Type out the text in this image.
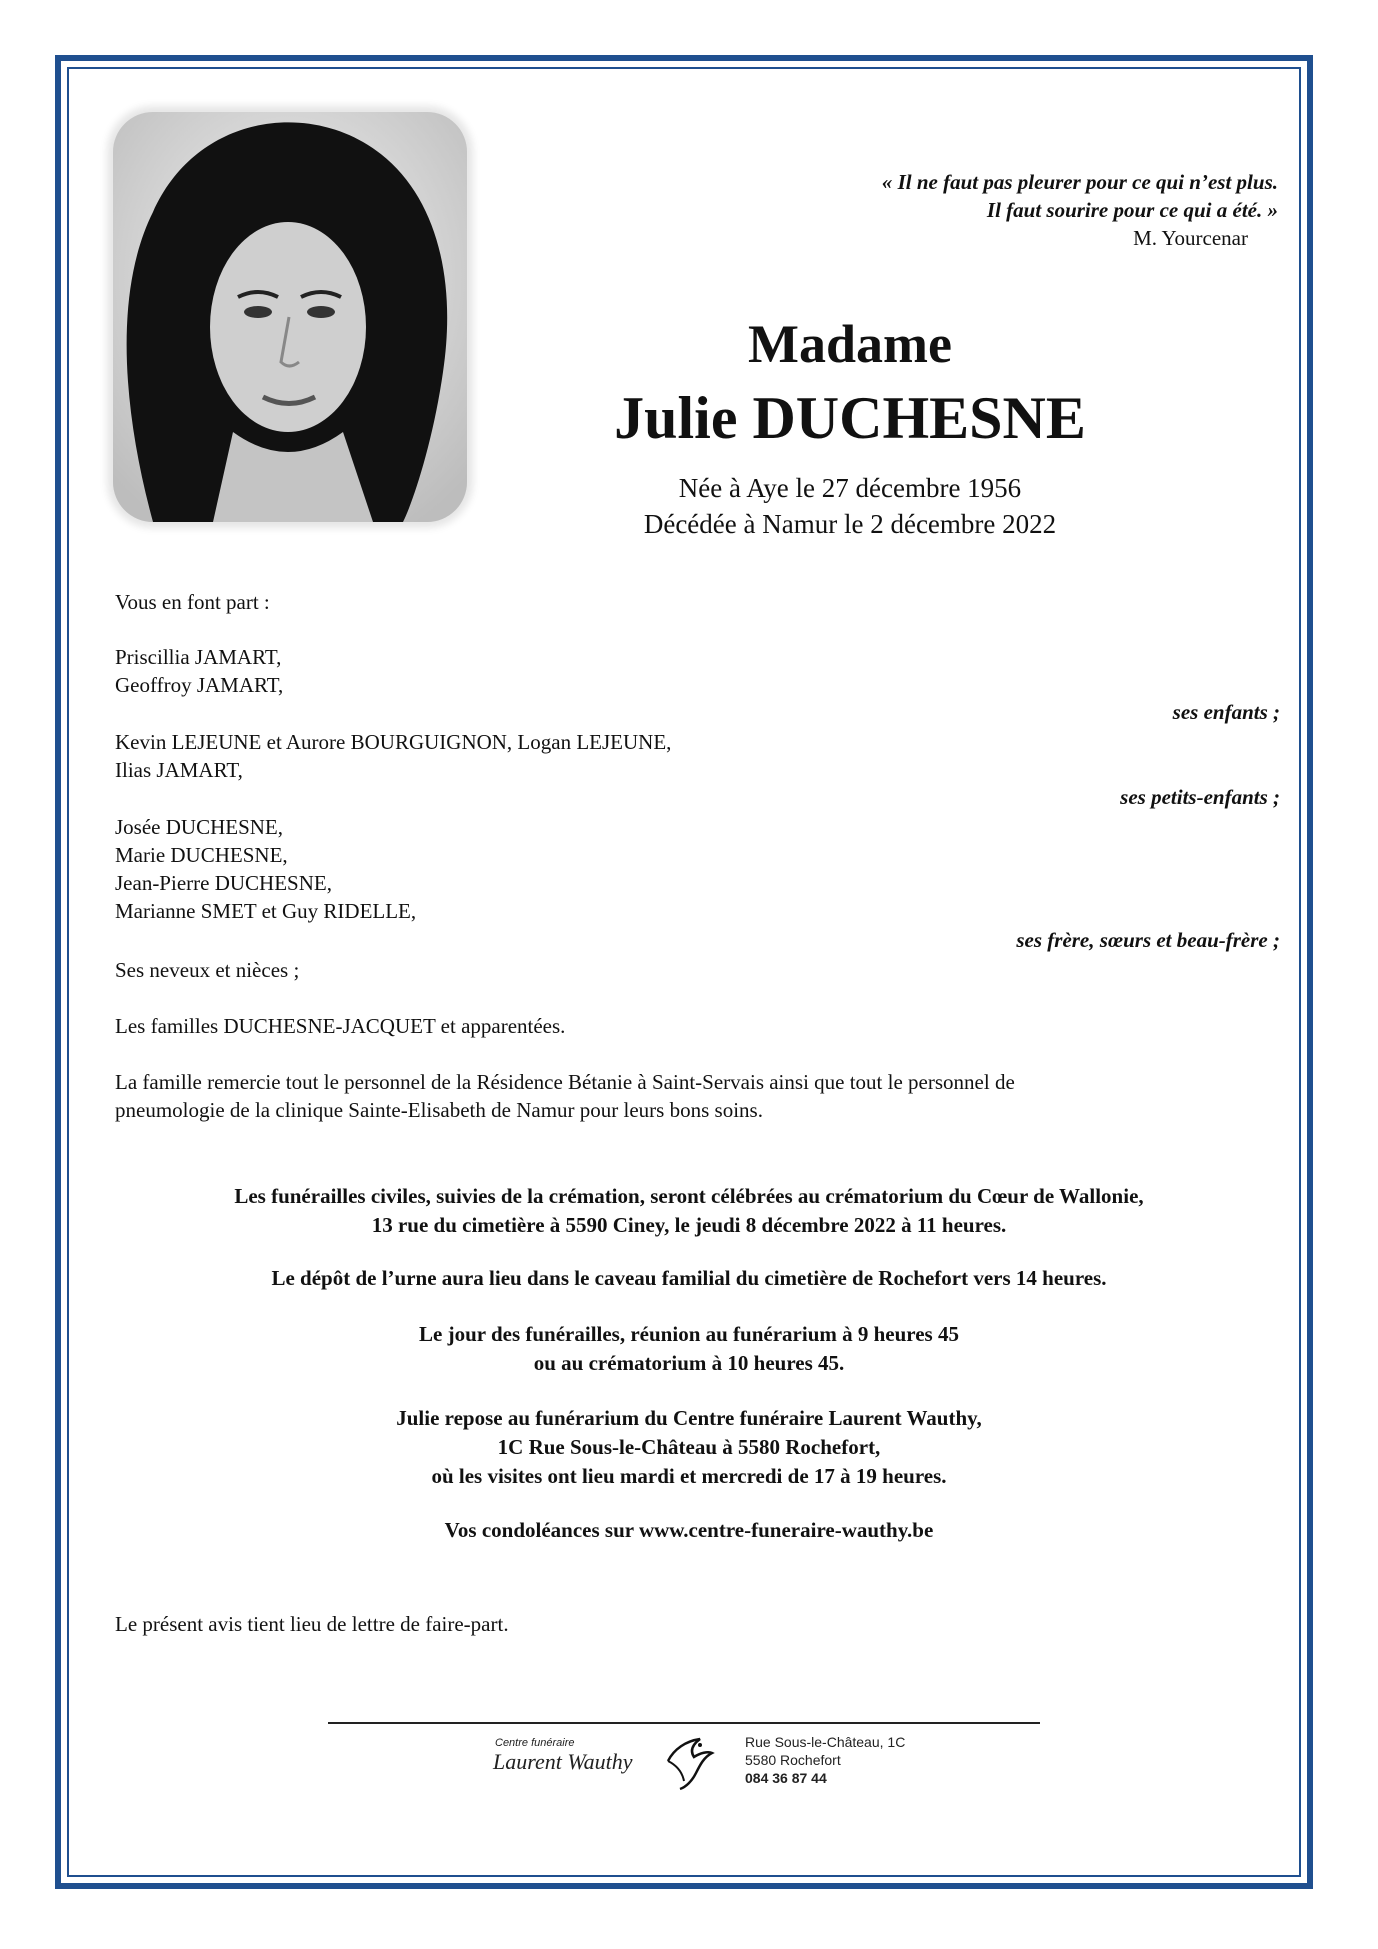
« Il ne faut pas pleurer pour ce qui n’est plus.
Il faut sourire pour ce qui a été. »
M. Yourcenar
Madame
Julie DUCHESNE
Née à Aye le 27 décembre 1956
Décédée à Namur le 2 décembre 2022
Vous en font part :
Priscillia JAMART,
Geoffroy JAMART,
ses enfants ;
Kevin LEJEUNE et Aurore BOURGUIGNON, Logan LEJEUNE,
Ilias JAMART,
ses petits-enfants ;
Josée DUCHESNE,
Marie DUCHESNE,
Jean-Pierre DUCHESNE,
Marianne SMET et Guy RIDELLE,
ses frère, sœurs et beau-frère ;
Ses neveux et nièces ;
Les familles DUCHESNE-JACQUET et apparentées.
La famille remercie tout le personnel de la Résidence Bétanie à Saint-Servais ainsi que tout le personnel de
pneumologie de la clinique Sainte-Elisabeth de Namur pour leurs bons soins.
Les funérailles civiles, suivies de la crémation, seront célébrées au crématorium du Cœur de Wallonie,
13 rue du cimetière à 5590 Ciney, le jeudi 8 décembre 2022 à 11 heures.
Le dépôt de l’urne aura lieu dans le caveau familial du cimetière de Rochefort vers 14 heures.
Le jour des funérailles, réunion au funérarium à 9 heures 45
ou au crématorium à 10 heures 45.
Julie repose au funérarium du Centre funéraire Laurent Wauthy,
1C Rue Sous-le-Château à 5580 Rochefort,
où les visites ont lieu mardi et mercredi de 17 à 19 heures.
Vos condoléances sur www.centre-funeraire-wauthy.be
Le présent avis tient lieu de lettre de faire-part.
Centre funéraire
Laurent Wauthy
Rue Sous-le-Château, 1C
5580 Rochefort
084 36 87 44
